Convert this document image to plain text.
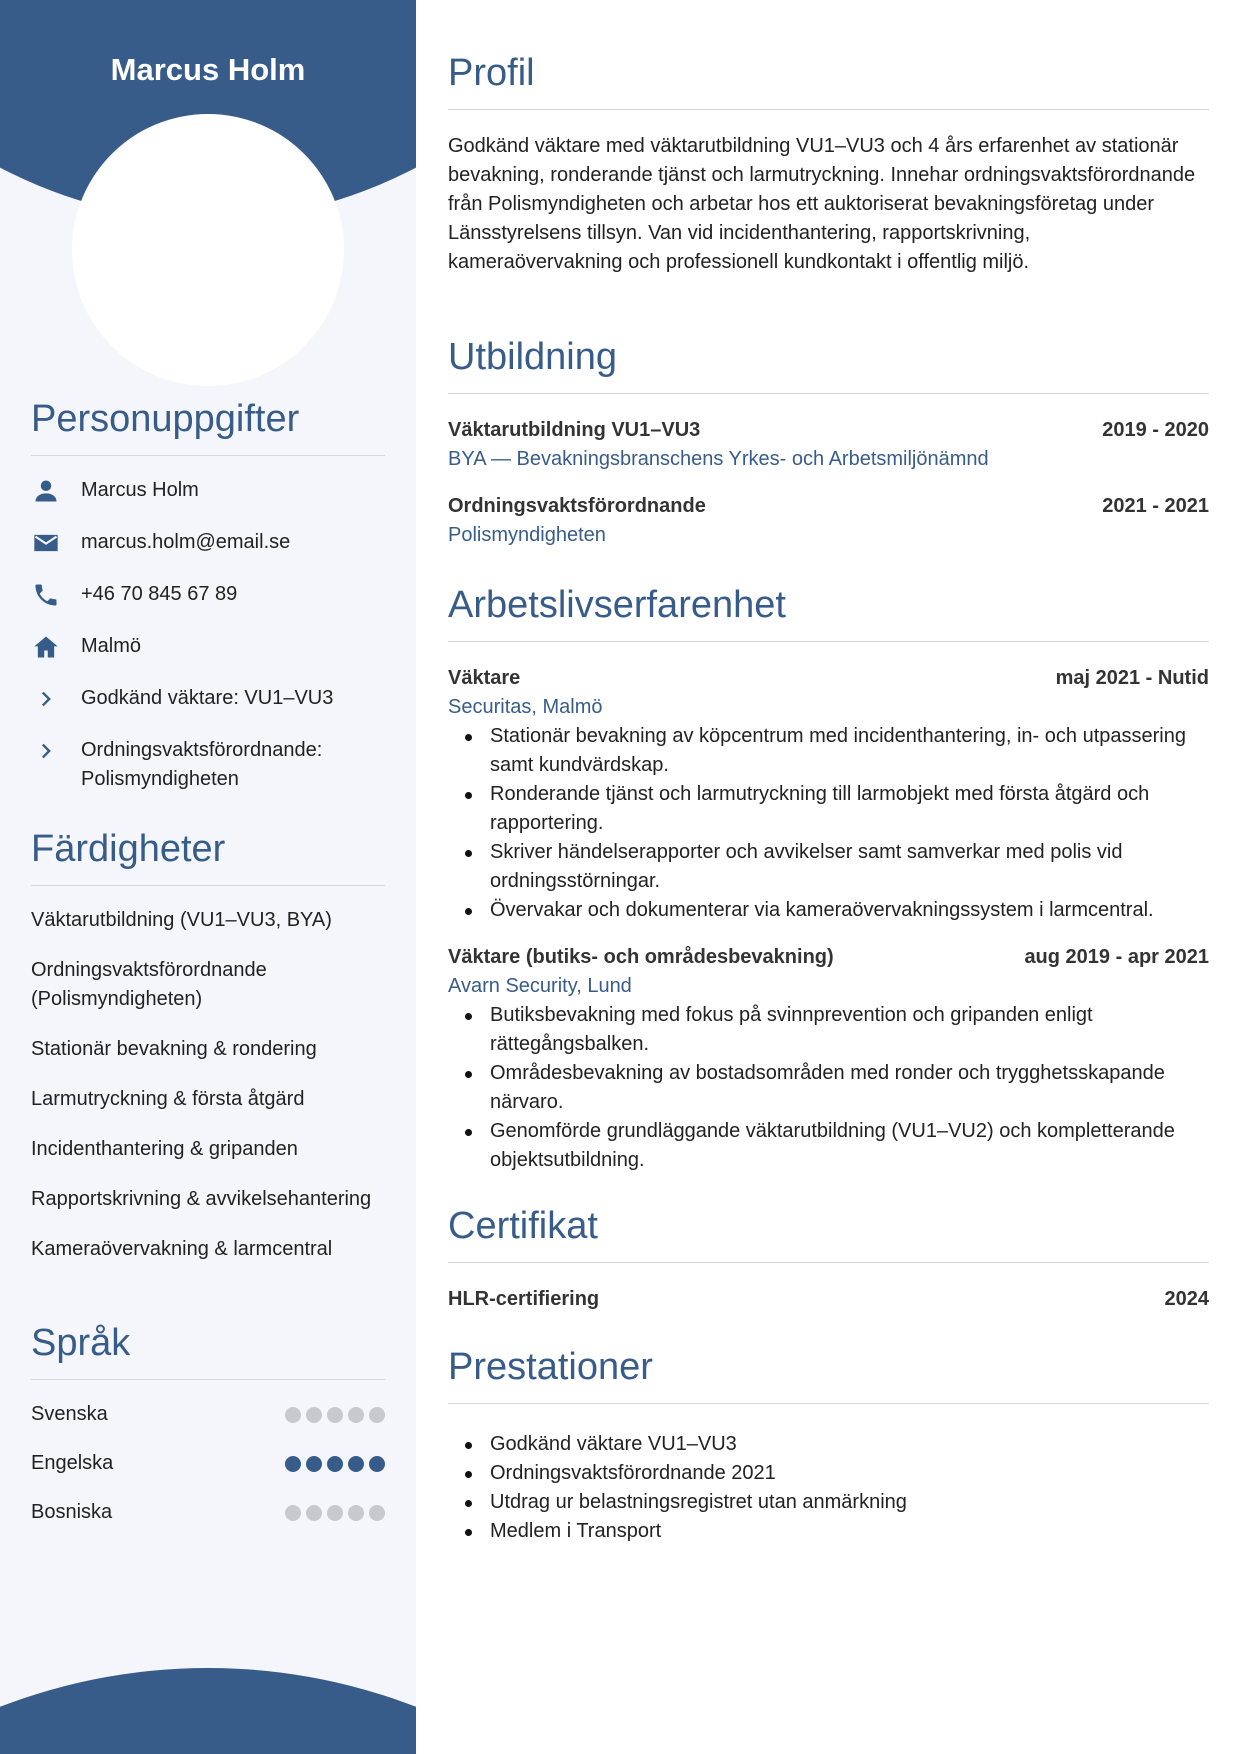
Marcus Holm
Personuppgifter
Marcus Holm
marcus.holm@email.se
+46 70 845 67 89
Malmö
Godkänd väktare: VU1–VU3
Ordningsvaktsförordnande: Polismyndigheten
Färdigheter
Väktarutbildning (VU1–VU3, BYA)
Ordningsvaktsförordnande (Polismyndigheten)
Stationär bevakning & rondering
Larmutryckning & första åtgärd
Incidenthantering & gripanden
Rapportskrivning & avvikelsehantering
Kameraövervakning & larmcentral
Språk
Svenska
Engelska
Bosniska
Profil

Godkänd väktare med väktarutbildning VU1–VU3 och 4 års erfarenhet av stationär bevakning, ronderande tjänst och larmutryckning. Innehar ordningsvaktsförordnande från Polismyndigheten och arbetar hos ett auktoriserat bevakningsföretag under Länsstyrelsens tillsyn. Van vid incidenthantering, rapportskrivning, kameraövervakning och professionell kundkontakt i offentlig miljö.

Utbildning
Väktarutbildning VU1–VU3	2019 - 2020
BYA — Bevakningsbranschens Yrkes- och Arbetsmiljönämnd
Ordningsvaktsförordnande	2021 - 2021
Polismyndigheten
Arbetslivserfarenhet
Väktare	maj 2021 - Nutid
Securitas, Malmö
Stationär bevakning av köpcentrum med incidenthantering, in- och utpassering samt kundvärdskap.
Ronderande tjänst och larmutryckning till larmobjekt med första åtgärd och rapportering.
Skriver händelserapporter och avvikelser samt samverkar med polis vid ordningsstörningar.
Övervakar och dokumenterar via kameraövervakningssystem i larmcentral.
Väktare (butiks- och områdesbevakning)	aug 2019 - apr 2021
Avarn Security, Lund
Butiksbevakning med fokus på svinnprevention och gripanden enligt rättegångsbalken.
Områdesbevakning av bostadsområden med ronder och trygghetsskapande närvaro.
Genomförde grundläggande väktarutbildning (VU1–VU2) och kompletterande objektsutbildning.
Certifikat
HLR-certifiering	2024
Prestationer
Godkänd väktare VU1–VU3
Ordningsvaktsförordnande 2021
Utdrag ur belastningsregistret utan anmärkning
Medlem i Transport
